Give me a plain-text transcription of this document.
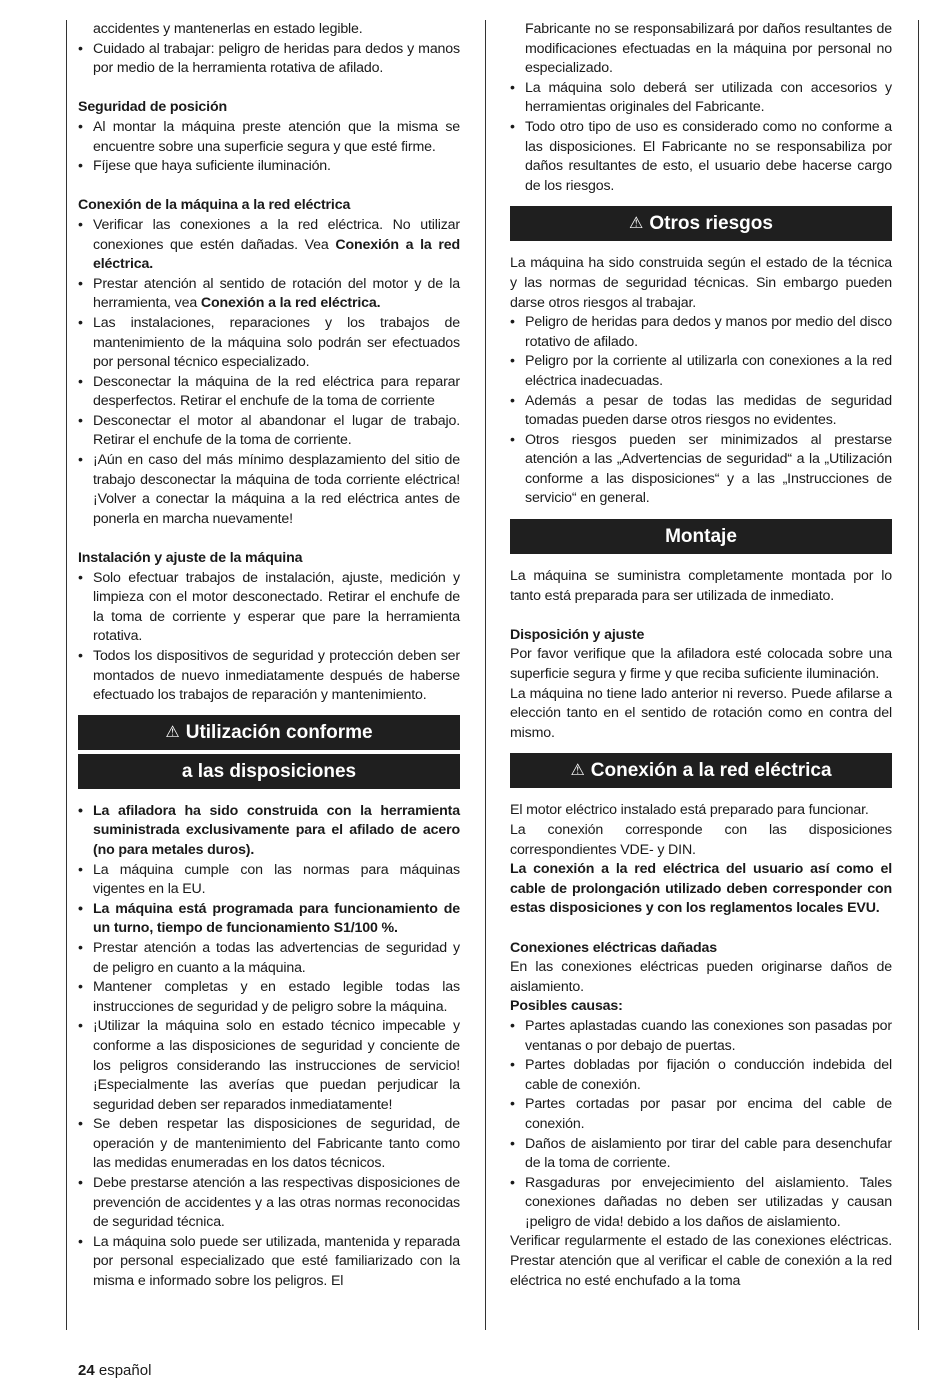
accidentes y mantenerlas en estado legible.
• Cuidado al trabajar: peligro de heridas para dedos y manos por medio de la herramienta rotativa de afilado.

Seguridad de posición

• Al montar la máquina preste atención que la misma se encuentre sobre una superficie segura y que esté firme.
• Fíjese que haya suficiente iluminación.

Conexión de la máquina a la red eléctrica

• Verificar las conexiones a la red eléctrica. No utilizar conexiones que estén dañadas. Vea Conexión a la red eléctrica.
• Prestar atención al sentido de rotación del motor y de la herramienta, vea Conexión a la red eléctrica.
• Las instalaciones, reparaciones y los trabajos de mantenimiento de la máquina solo podrán ser efectuados por personal técnico especializado.
• Desconectar la máquina de la red eléctrica para reparar desperfectos. Retirar el enchufe de la toma de corriente
• Desconectar el motor al abandonar el lugar de trabajo. Retirar el enchufe de la toma de corriente.
• ¡Aún en caso del más mínimo desplazamiento del sitio de trabajo desconectar la máquina de toda corriente eléctrica! ¡Volver a conectar la máquina a la red eléctrica antes de ponerla en marcha nuevamente!

Instalación y ajuste de la máquina

• Solo efectuar trabajos de instalación, ajuste, medición y limpieza con el motor desconectado. Retirar el enchufe de la toma de corriente y esperar que pare la herramienta rotativa.
• Todos los dispositivos de seguridad y protección deben ser montados de nuevo inmediatamente después de haberse efectuado los trabajos de reparación y mantenimiento.
⚠ Utilización conforme
a las disposiciones
• La afiladora ha sido construida con la herramienta suministrada exclusivamente para el afilado de acero (no para metales duros).
• La máquina cumple con las normas para máquinas vigentes en la EU.
• La máquina está programada para funcionamiento de un turno, tiempo de funcionamiento S1/100 %.
• Prestar atención a todas las advertencias de seguridad y de peligro en cuanto a la máquina.
• Mantener completas y en estado legible todas las instrucciones de seguridad y de peligro sobre la máquina.
• ¡Utilizar la máquina solo en estado técnico impecable y conforme a las disposiciones de seguridad y conciente de los peligros considerando las instrucciones de servicio! ¡Especialmente las averías que puedan perjudicar la seguridad deben ser reparados inmediatamente!
• Se deben respetar las disposiciones de seguridad, de operación y de mantenimiento del Fabricante tanto como las medidas enumeradas en los datos técnicos.
• Debe prestarse atención a las respectivas disposiciones de prevención de accidentes y a las otras normas reconocidas de seguridad técnica.
• La máquina solo puede ser utilizada, mantenida y reparada por personal especializado que esté familiarizado con la misma e informado sobre los peligros. El
Fabricante no se responsabilizará por daños resultantes de modificaciones efectuadas en la máquina por personal no especializado.
• La máquina solo deberá ser utilizada con accesorios y herramientas originales del Fabricante.
• Todo otro tipo de uso es considerado como no conforme a las disposiciones. El Fabricante no se responsabiliza por daños resultantes de esto, el usuario debe hacerse cargo de los riesgos.
⚠ Otros riesgos

La máquina ha sido construida según el estado de la técnica y las normas de seguridad técnicas. Sin embargo pueden darse otros riesgos al trabajar.

• Peligro de heridas para dedos y manos por medio del disco rotativo de afilado.
• Peligro por la corriente al utilizarla con conexiones a la red eléctrica inadecuadas.
• Además a pesar de todas las medidas de seguridad tomadas pueden darse otros riesgos no evidentes.
• Otros riesgos pueden ser minimizados al prestarse atención a las „Advertencias de seguridad“ a la „Utilización conforme a las disposiciones“ y a las „Instrucciones de servicio“ en general.
Montaje

La máquina se suministra completamente montada por lo tanto está preparada para ser utilizada de inmediato.

Disposición y ajuste

Por favor verifique que la afiladora esté colocada sobre una superficie segura y firme y que reciba suficiente iluminación.

La máquina no tiene lado anterior ni reverso. Puede afilarse a elección tanto en el sentido de rotación como en contra del mismo.

⚠ Conexión a la red eléctrica

El motor eléctrico instalado está preparado para funcionar.

La conexión corresponde con las disposiciones correspondientes VDE- y DIN.

La conexión a la red eléctrica del usuario así como el cable de prolongación utilizado deben corresponder con estas disposiciones y con los reglamentos locales EVU.

Conexiones eléctricas dañadas

En las conexiones eléctricas pueden originarse daños de aislamiento.

Posibles causas:

• Partes aplastadas cuando las conexiones son pasadas por ventanas o por debajo de puertas.
• Partes dobladas por fijación o conducción indebida del cable de conexión.
• Partes cortadas por pasar por encima del cable de conexión.
• Daños de aislamiento por tirar del cable para desenchufar de la toma de corriente.
• Rasgaduras por envejecimiento del aislamiento. Tales conexiones dañadas no deben ser utilizadas y causan ¡peligro de vida! debido a los daños de aislamiento.

Verificar regularmente el estado de las conexiones eléctricas. Prestar atención que al verificar el cable de conexión a la red eléctrica no esté enchufado a la toma

24 español
